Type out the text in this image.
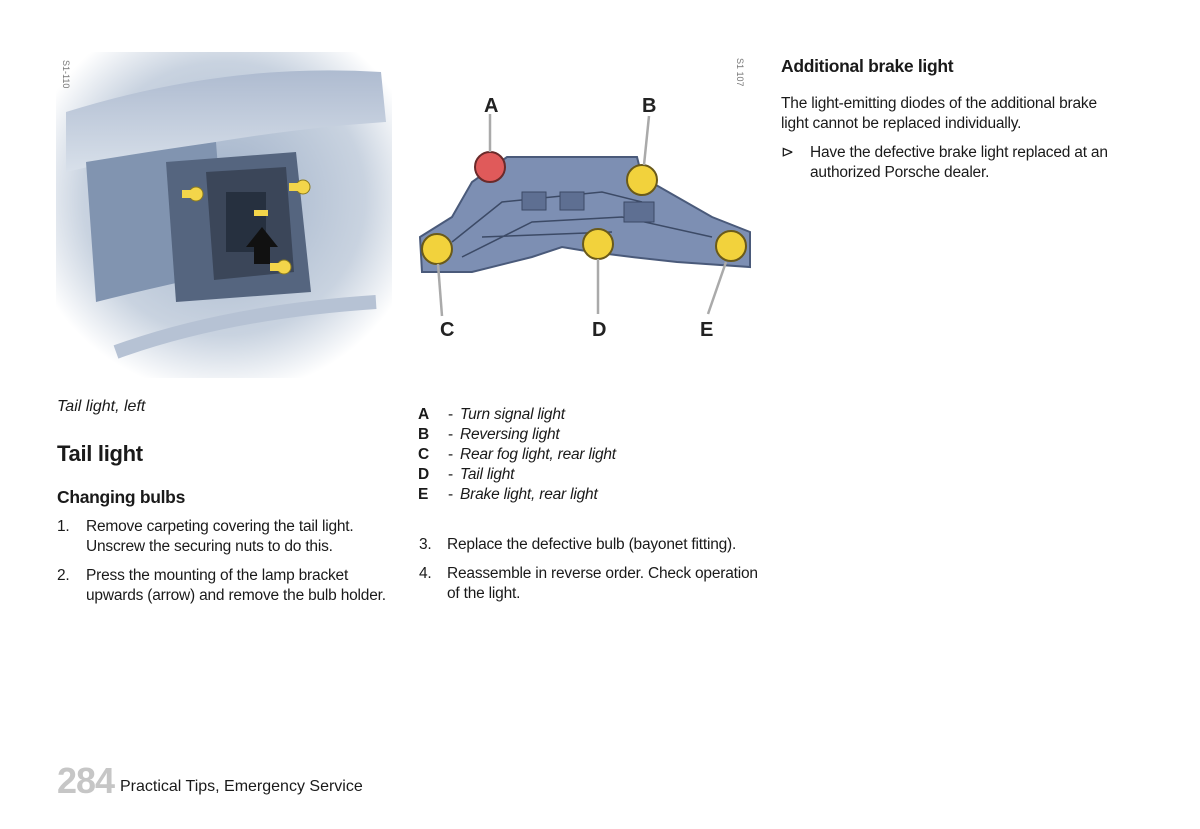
S1-110
A	B
C	D	E
S1 107
Tail light, left
Tail light
Changing bulbs
1. Remove carpeting covering the tail light.
Unscrew the securing nuts to do this.
2. Press the mounting of the lamp bracket
upwards (arrow) and remove the bulb holder.
A - Turn signal light
B - Reversing light
C - Rear fog light, rear light
D - Tail light
E - Brake light, rear light
3. Replace the defective bulb (bayonet fitting).
4. Reassemble in reverse order. Check operation
of the light.
Additional brake light
The light-emitting diodes of the additional brake
light cannot be replaced individually.
⊳ Have the defective brake light replaced at an
authorized Porsche dealer.
284 Practical Tips, Emergency Service
